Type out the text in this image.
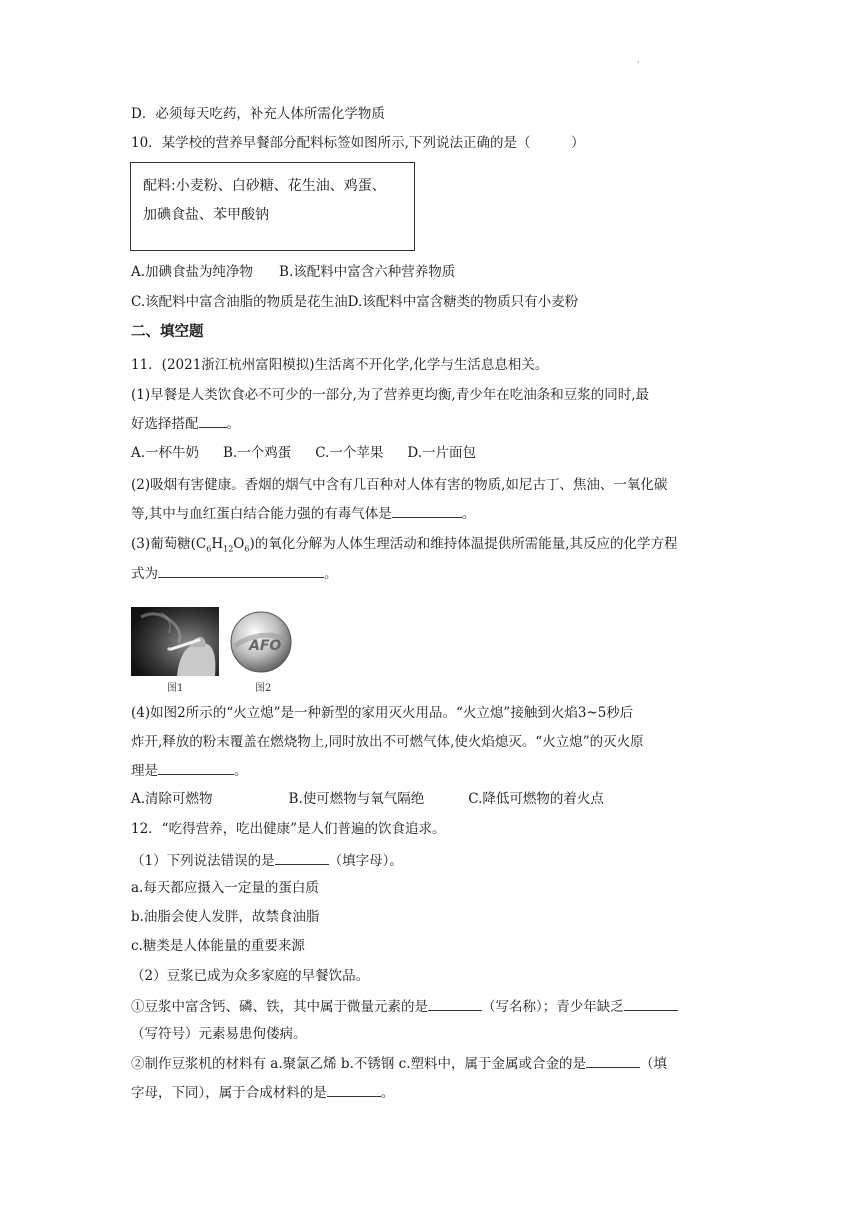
·
D．必须每天吃药，补充人体所需化学物质
10．某学校的营养早餐部分配料标签如图所示,下列说法正确的是（　　　）
配料:小麦粉、白砂糖、花生油、鸡蛋、
加碘食盐、苯甲酸钠
A.加碘食盐为纯净物 B.该配料中富含六种营养物质
C.该配料中富含油脂的物质是花生油D.该配料中富含糖类的物质只有小麦粉
二、填空题
11．(2021浙江杭州富阳模拟)生活离不开化学,化学与生活息息相关。
(1)早餐是人类饮食必不可少的一部分,为了营养更均衡,青少年在吃油条和豆浆的同时,最
好选择搭配 。
A.一杯牛奶 B.一个鸡蛋 C.一个苹果 D.一片面包
(2)吸烟有害健康。香烟的烟气中含有几百种对人体有害的物质,如尼古丁、焦油、一氧化碳
等,其中与血红蛋白结合能力强的有毒气体是	。
(3)葡萄糖$(C_6H_{12}O_6)$的氧化分解为人体生理活动和维持体温提供所需能量,其反应的化学方程
式为	。
图1
AFO
图2
(4)如图2所示的“火立熄”是一种新型的家用灭火用品。“火立熄”接触到火焰3~5秒后
炸开,释放的粉末覆盖在燃烧物上,同时放出不可燃气体,使火焰熄灭。“火立熄”的灭火原
理是	。
A.清除可燃物	B.使可燃物与氧气隔绝	C.降低可燃物的着火点
12．“吃得营养，吃出健康”是人们普遍的饮食追求。
（1）下列说法错误的是	（填字母）。
a.每天都应摄入一定量的蛋白质
b.油脂会使人发胖，故禁食油脂
c.糖类是人体能量的重要来源
（2）豆浆已成为众多家庭的早餐饮品。
①豆浆中富含钙、磷、铁，其中属于微量元素的是	（写名称）；青少年缺乏
（写符号）元素易患佝偻病。
②制作豆浆机的材料有 a.聚氯乙烯 b.不锈钢 c.塑料中，属于金属或合金的是	（填
字母，下同），属于合成材料的是	。
